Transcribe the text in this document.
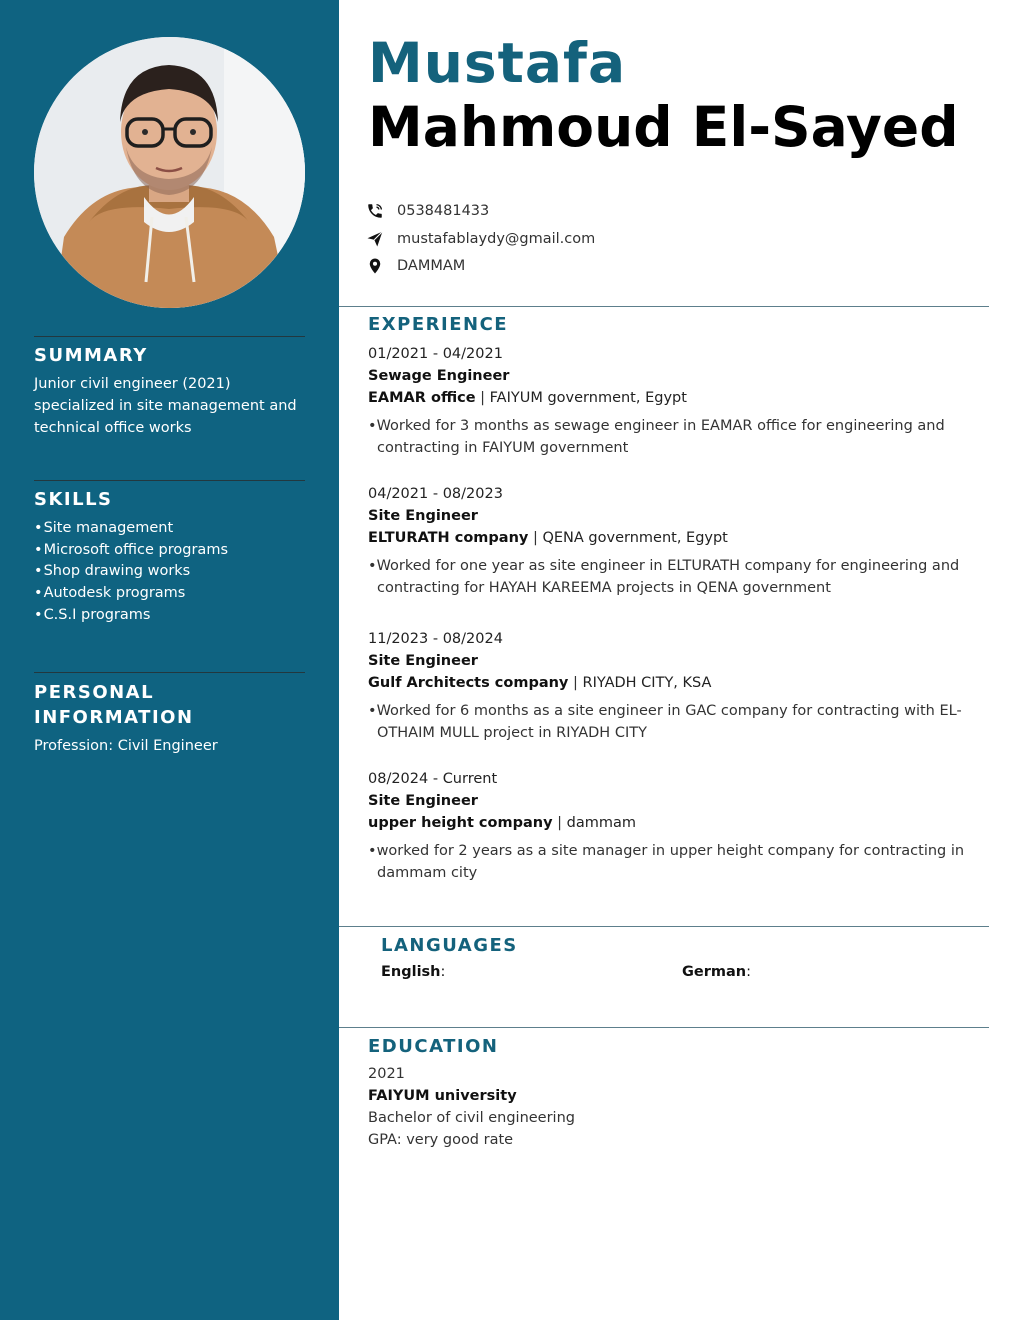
SUMMARY
Junior civil engineer (2021) specialized in site management and technical office works
SKILLS
• Site management
• Microsoft office programs
• Shop drawing works
• Autodesk programs
• C.S.I programs
PERSONAL INFORMATION
Profession: Civil Engineer
Mustafa
Mahmoud El-Sayed
0538481433
mustafablaydy@gmail.com
DAMMAM
EXPERIENCE
01/2021 - 04/2021
Sewage Engineer
EAMAR office | FAIYUM government, Egypt
• Worked for 3 months as sewage engineer in EAMAR office for engineering and contracting in FAIYUM government
04/2021 - 08/2023
Site Engineer
ELTURATH company | QENA government, Egypt
• Worked for one year as site engineer in ELTURATH company for engineering and contracting for HAYAH KAREEMA projects in QENA government
11/2023 - 08/2024
Site Engineer
Gulf Architects company | RIYADH CITY, KSA
• Worked for 6 months as a site engineer in GAC company for contracting with EL-OTHAIM MULL project in RIYADH CITY
08/2024 - Current
Site Engineer
upper height company | dammam
• worked for 2 years as a site manager in upper height company for contracting in dammam city
LANGUAGES
English:	German:
EDUCATION
2021
FAIYUM university
Bachelor of civil engineering
GPA: very good rate
